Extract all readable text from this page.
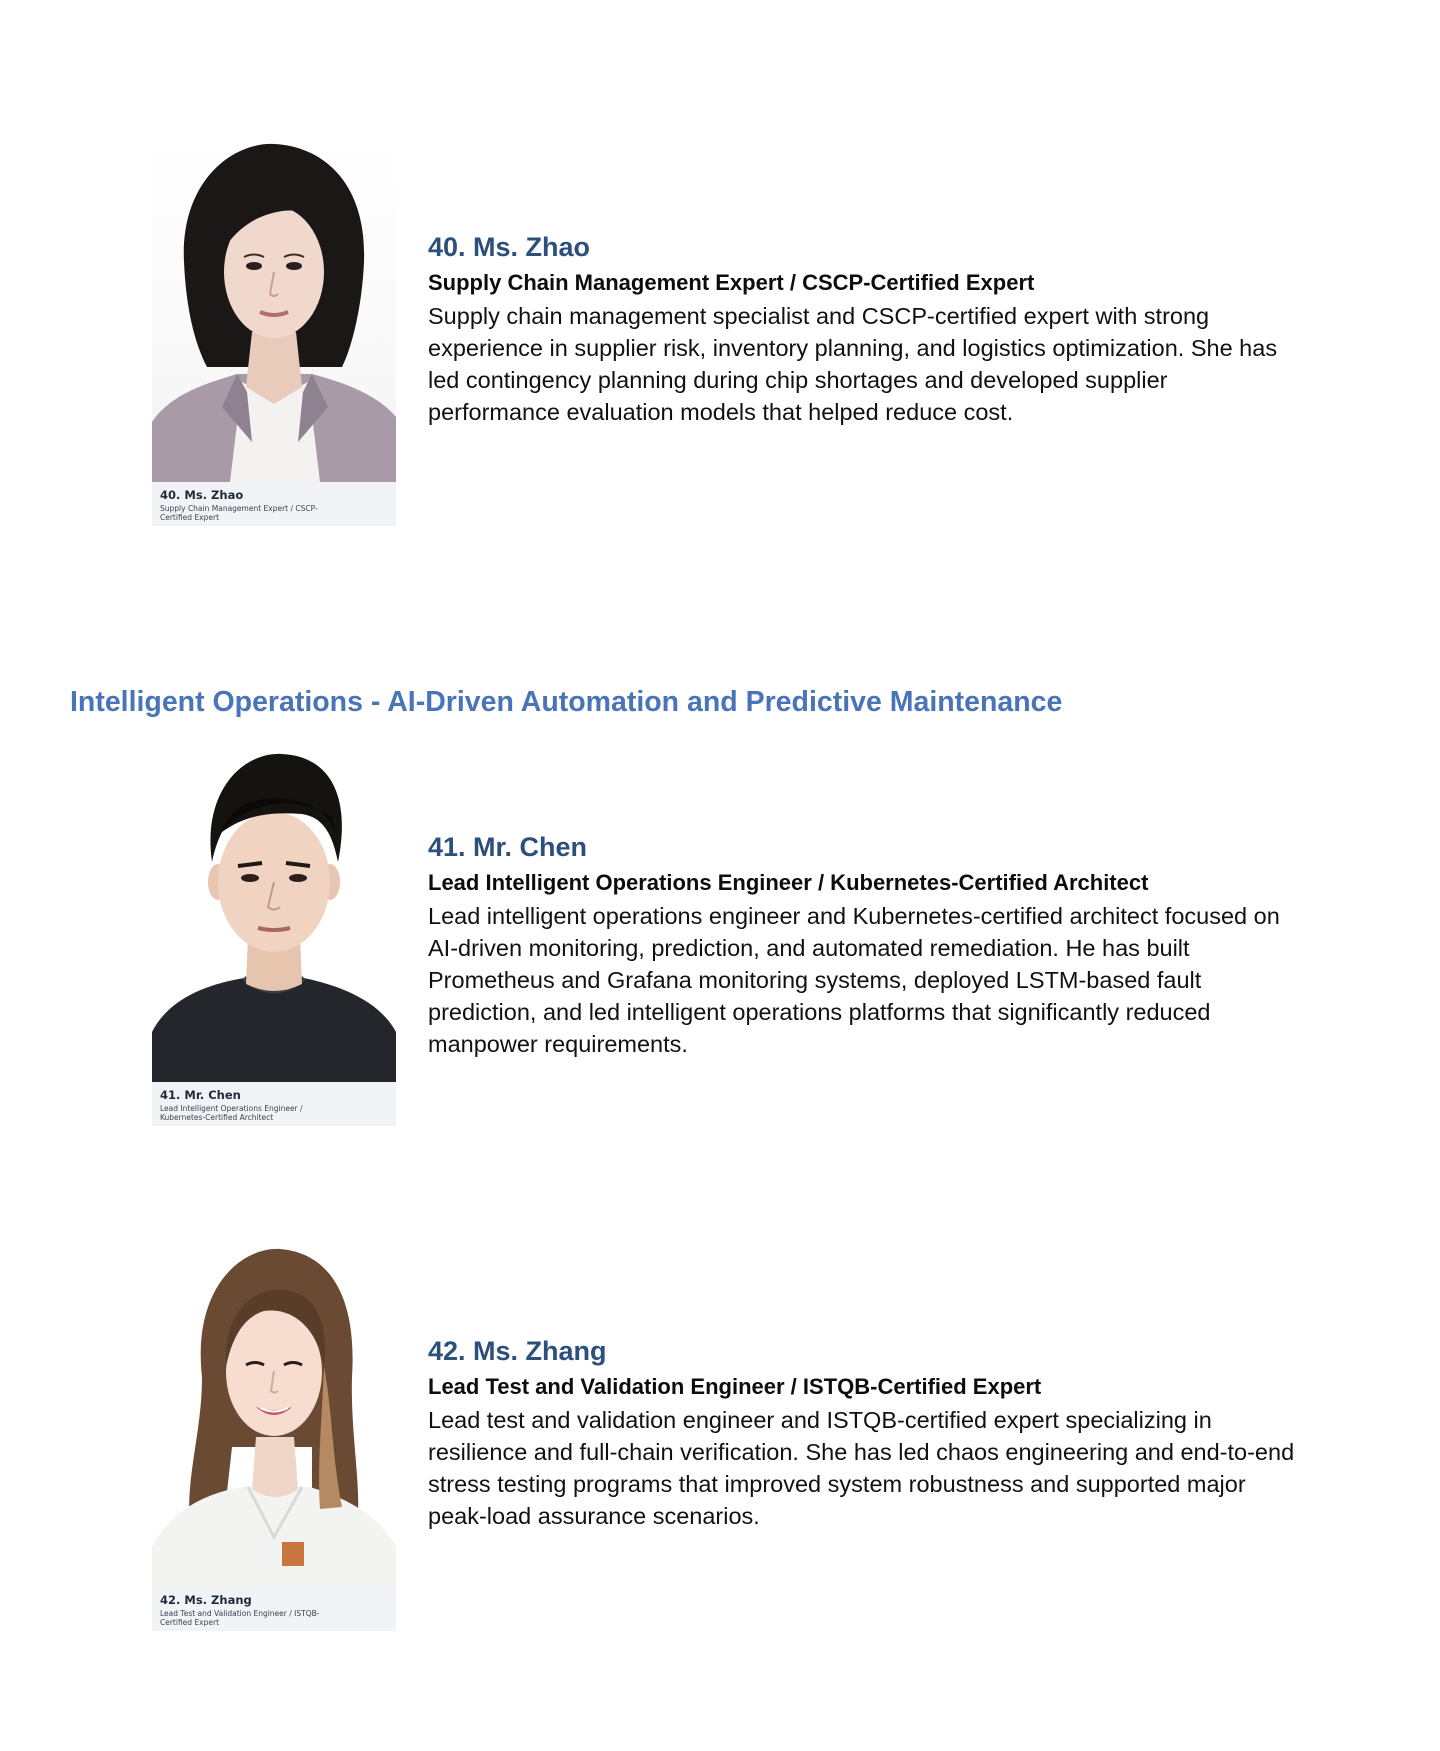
40. Ms. Zhao
Supply Chain Management Expert / CSCP-Certified Expert
40. Ms. Zhao
Supply Chain Management Expert / CSCP-Certified Expert

Supply chain management specialist and CSCP-certified expert with strong experience in supplier risk, inventory planning, and logistics optimization. She has led contingency planning during chip shortages and developed supplier performance evaluation models that helped reduce cost.

Intelligent Operations - AI-Driven Automation and Predictive Maintenance
41. Mr. Chen
Lead Intelligent Operations Engineer / Kubernetes-Certified Architect
41. Mr. Chen
Lead Intelligent Operations Engineer / Kubernetes-Certified Architect

Lead intelligent operations engineer and Kubernetes-certified architect focused on AI-driven monitoring, prediction, and automated remediation. He has built Prometheus and Grafana monitoring systems, deployed LSTM-based fault prediction, and led intelligent operations platforms that significantly reduced manpower requirements.

42. Ms. Zhang
Lead Test and Validation Engineer / ISTQB-Certified Expert
42. Ms. Zhang
Lead Test and Validation Engineer / ISTQB-Certified Expert

Lead test and validation engineer and ISTQB-certified expert specializing in resilience and full-chain verification. She has led chaos engineering and end-to-end stress testing programs that improved system robustness and supported major peak-load assurance scenarios.
